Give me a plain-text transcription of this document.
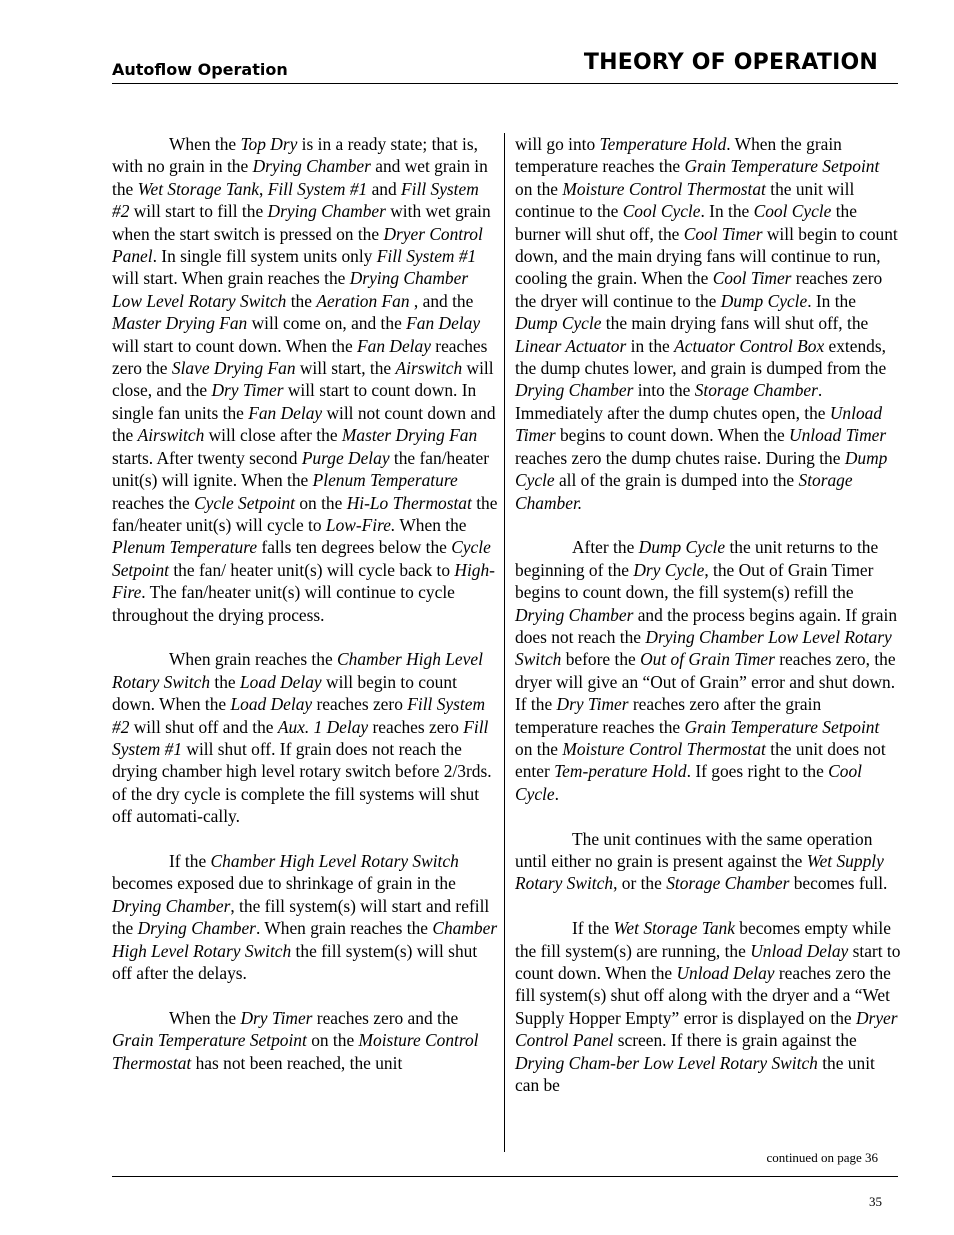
Autoflow Operation	THEORY OF OPERATION

When the Top Dry is in a ready state; that is, with no grain in the Drying Chamber and wet grain in the Wet Storage Tank, Fill System #1 and Fill System #2 will start to fill the Drying Chamber with wet grain when the start switch is pressed on the Dryer Control Panel. In single fill system units only Fill System #1 will start. When grain reaches the Drying Chamber Low Level Rotary Switch the Aeration Fan , and the Master Drying Fan will come on, and the Fan Delay will start to count down. When the Fan Delay reaches zero the Slave Drying Fan will start, the Airswitch will close, and the Dry Timer will start to count down. In single fan units the Fan Delay will not count down and the Airswitch will close after the Master Drying Fan starts. After twenty second Purge Delay the fan/heater unit(s) will ignite. When the Plenum Temperature reaches the Cycle Setpoint on the Hi-Lo Thermostat the fan/heater unit(s) will cycle to Low-Fire. When the Plenum Temperature falls ten degrees below the Cycle Setpoint the fan/ heater unit(s) will cycle back to High-Fire. The fan/heater unit(s) will continue to cycle throughout the drying process.

When grain reaches the Chamber High Level Rotary Switch the Load Delay will begin to count down. When the Load Delay reaches zero Fill System #2 will shut off and the Aux. 1 Delay reaches zero Fill System #1 will shut off. If grain does not reach the drying chamber high level rotary switch before 2/3rds. of the dry cycle is complete the fill systems will shut off automati-cally.

If the Chamber High Level Rotary Switch becomes exposed due to shrinkage of grain in the Drying Chamber, the fill system(s) will start and refill the Drying Chamber. When grain reaches the Chamber High Level Rotary Switch the fill system(s) will shut off after the delays.

When the Dry Timer reaches zero and the Grain Temperature Setpoint on the Moisture Control Thermostat has not been reached, the unit

will go into Temperature Hold. When the grain temperature reaches the Grain Temperature Setpoint on the Moisture Control Thermostat the unit will continue to the Cool Cycle. In the Cool Cycle the burner will shut off, the Cool Timer will begin to count down, and the main drying fans will continue to run, cooling the grain. When the Cool Timer reaches zero the dryer will continue to the Dump Cycle. In the Dump Cycle the main drying fans will shut off, the Linear Actuator in the Actuator Control Box extends, the dump chutes lower, and grain is dumped from the Drying Chamber into the Storage Chamber. Immediately after the dump chutes open, the Unload Timer begins to count down. When the Unload Timer reaches zero the dump chutes raise. During the Dump Cycle all of the grain is dumped into the Storage Chamber.

After the Dump Cycle the unit returns to the beginning of the Dry Cycle, the Out of Grain Timer begins to count down, the fill system(s) refill the Drying Chamber and the process begins again. If grain does not reach the Drying Chamber Low Level Rotary Switch before the Out of Grain Timer reaches zero, the dryer will give an “Out of Grain” error and shut down. If the Dry Timer reaches zero after the grain temperature reaches the Grain Temperature Setpoint on the Moisture Control Thermostat the unit does not enter Tem-perature Hold. If goes right to the Cool Cycle.

The unit continues with the same operation until either no grain is present against the Wet Supply Rotary Switch, or the Storage Chamber becomes full.

If the Wet Storage Tank becomes empty while the fill system(s) are running, the Unload Delay start to count down. When the Unload Delay reaches zero the fill system(s) shut off along with the dryer and a “Wet Supply Hopper Empty” error is displayed on the Dryer Control Panel screen. If there is grain against the Drying Cham-ber Low Level Rotary Switch the unit can be

continued on page 36
35
